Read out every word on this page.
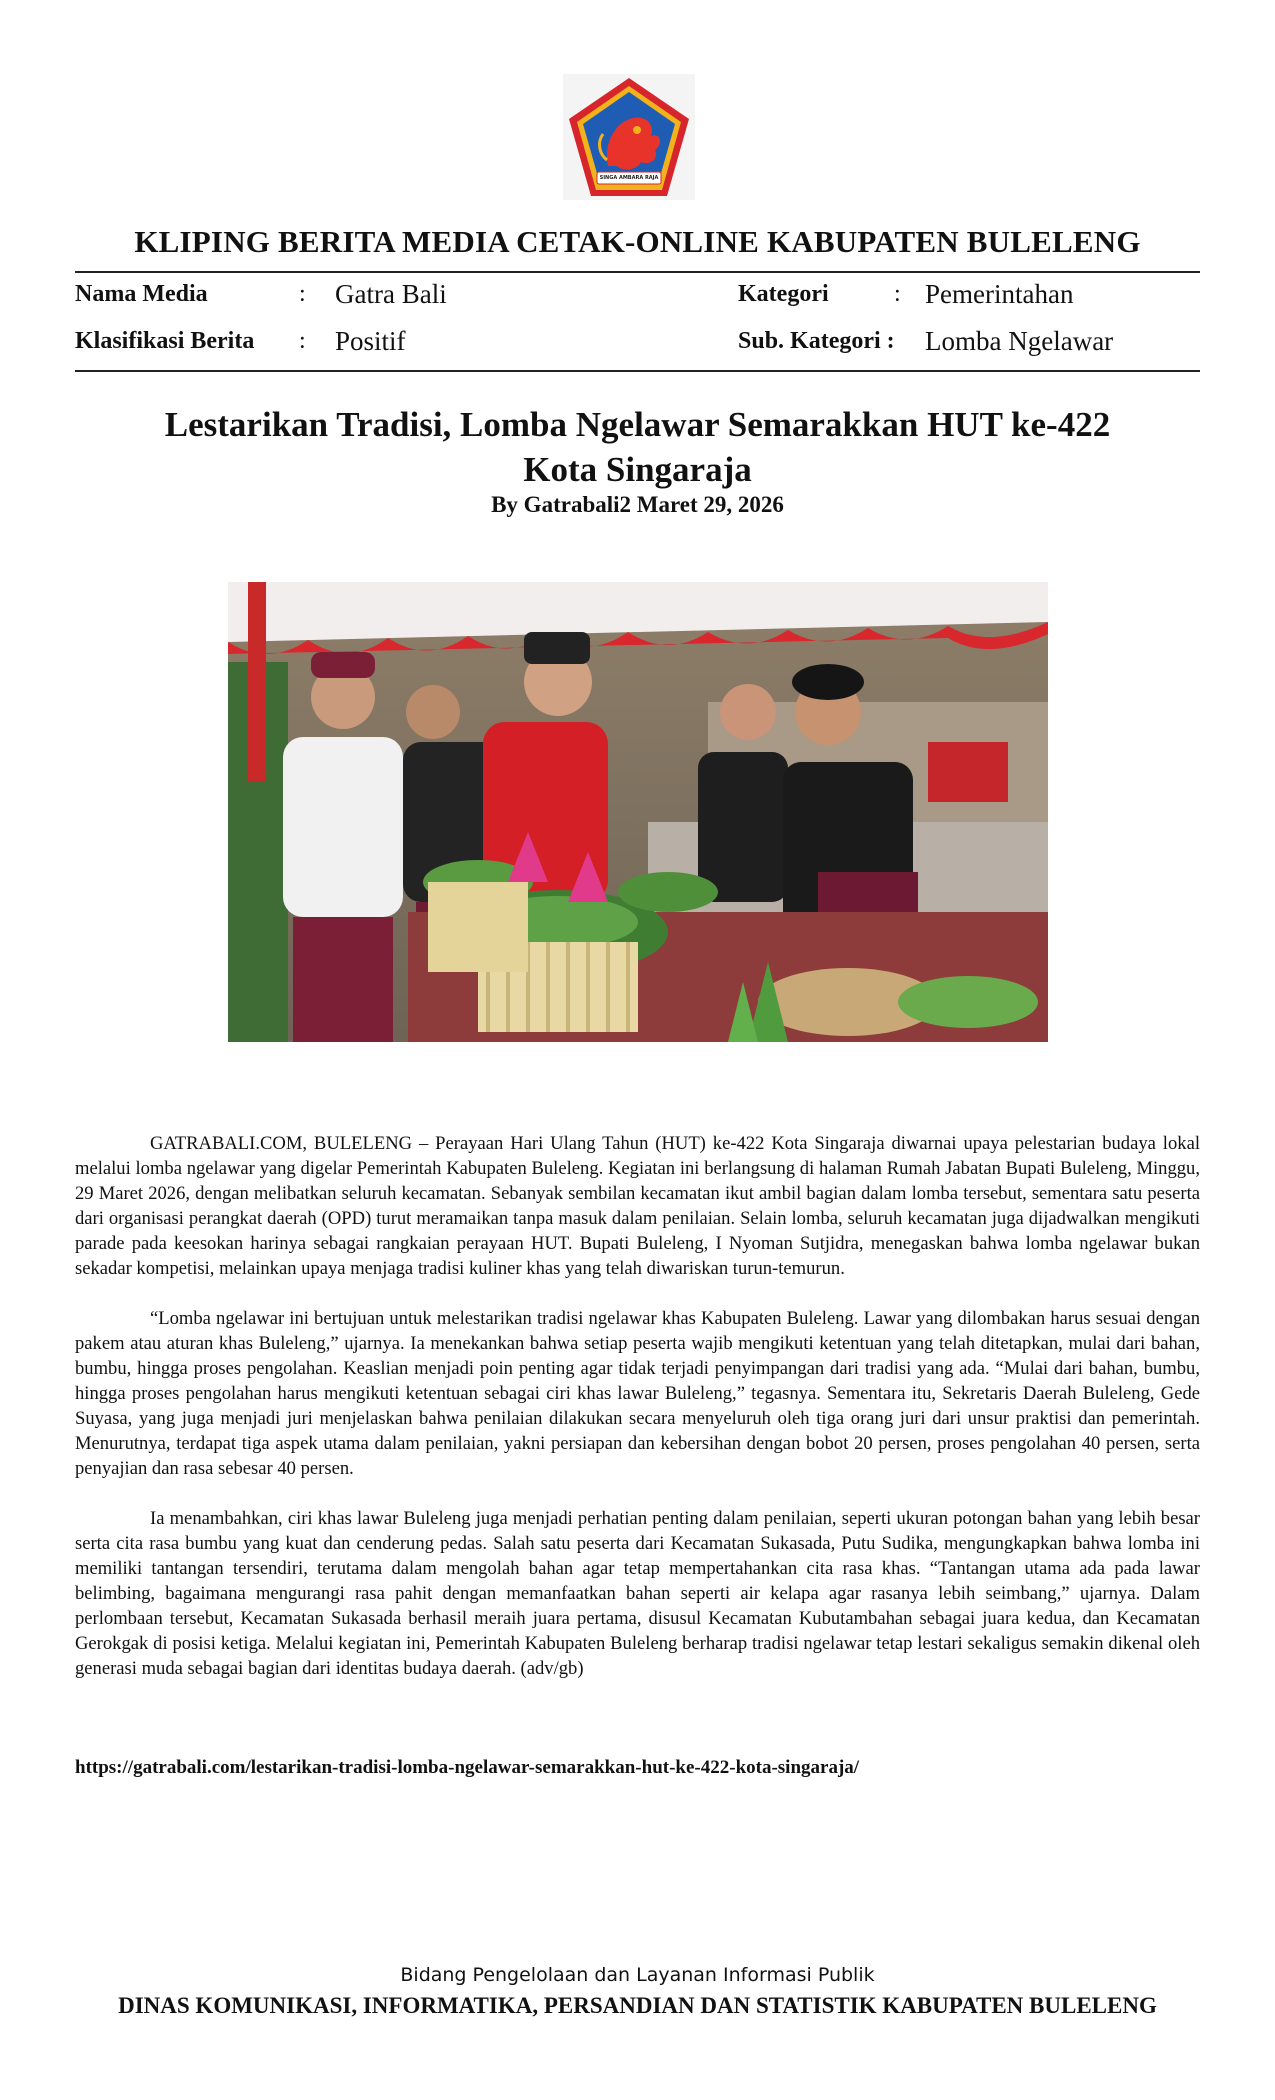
SINGA AMBARA RAJA
KLIPING BERITA MEDIA CETAK-ONLINE KABUPATEN BULELENG
Nama Media	: Gatra Bali	Kategori	: Pemerintahan
Klasifikasi Berita : Positif	Sub. Kategori : Lomba Ngelawar
Lestarikan Tradisi, Lomba Ngelawar Semarakkan HUT ke-422
Kota Singaraja
By Gatrabali2 Maret 29, 2026

GATRABALI.COM, BULELENG – Perayaan Hari Ulang Tahun (HUT) ke-422 Kota Singaraja diwarnai upaya pelestarian budaya lokal melalui lomba ngelawar yang digelar Pemerintah Kabupaten Buleleng. Kegiatan ini berlangsung di halaman Rumah Jabatan Bupati Buleleng, Minggu, 29 Maret 2026, dengan melibatkan seluruh kecamatan. Sebanyak sembilan kecamatan ikut ambil bagian dalam lomba tersebut, sementara satu peserta dari organisasi perangkat daerah (OPD) turut meramaikan tanpa masuk dalam penilaian. Selain lomba, seluruh kecamatan juga dijadwalkan mengikuti parade pada keesokan harinya sebagai rangkaian perayaan HUT. Bupati Buleleng, I Nyoman Sutjidra, menegaskan bahwa lomba ngelawar bukan sekadar kompetisi, melainkan upaya menjaga tradisi kuliner khas yang telah diwariskan turun-temurun.

“Lomba ngelawar ini bertujuan untuk melestarikan tradisi ngelawar khas Kabupaten Buleleng. Lawar yang dilombakan harus sesuai dengan pakem atau aturan khas Buleleng,” ujarnya. Ia menekankan bahwa setiap peserta wajib mengikuti ketentuan yang telah ditetapkan, mulai dari bahan, bumbu, hingga proses pengolahan. Keaslian menjadi poin penting agar tidak terjadi penyimpangan dari tradisi yang ada. “Mulai dari bahan, bumbu, hingga proses pengolahan harus mengikuti ketentuan sebagai ciri khas lawar Buleleng,” tegasnya. Sementara itu, Sekretaris Daerah Buleleng, Gede Suyasa, yang juga menjadi juri menjelaskan bahwa penilaian dilakukan secara menyeluruh oleh tiga orang juri dari unsur praktisi dan pemerintah. Menurutnya, terdapat tiga aspek utama dalam penilaian, yakni persiapan dan kebersihan dengan bobot 20 persen, proses pengolahan 40 persen, serta penyajian dan rasa sebesar 40 persen.

Ia menambahkan, ciri khas lawar Buleleng juga menjadi perhatian penting dalam penilaian, seperti ukuran potongan bahan yang lebih besar serta cita rasa bumbu yang kuat dan cenderung pedas. Salah satu peserta dari Kecamatan Sukasada, Putu Sudika, mengungkapkan bahwa lomba ini memiliki tantangan tersendiri, terutama dalam mengolah bahan agar tetap mempertahankan cita rasa khas. “Tantangan utama ada pada lawar belimbing, bagaimana mengurangi rasa pahit dengan memanfaatkan bahan seperti air kelapa agar rasanya lebih seimbang,” ujarnya. Dalam perlombaan tersebut, Kecamatan Sukasada berhasil meraih juara pertama, disusul Kecamatan Kubutambahan sebagai juara kedua, dan Kecamatan Gerokgak di posisi ketiga. Melalui kegiatan ini, Pemerintah Kabupaten Buleleng berharap tradisi ngelawar tetap lestari sekaligus semakin dikenal oleh generasi muda sebagai bagian dari identitas budaya daerah. (adv/gb)

https://gatrabali.com/lestarikan-tradisi-lomba-ngelawar-semarakkan-hut-ke-422-kota-singaraja/
Bidang Pengelolaan dan Layanan Informasi Publik
DINAS KOMUNIKASI, INFORMATIKA, PERSANDIAN DAN STATISTIK KABUPATEN BULELENG
